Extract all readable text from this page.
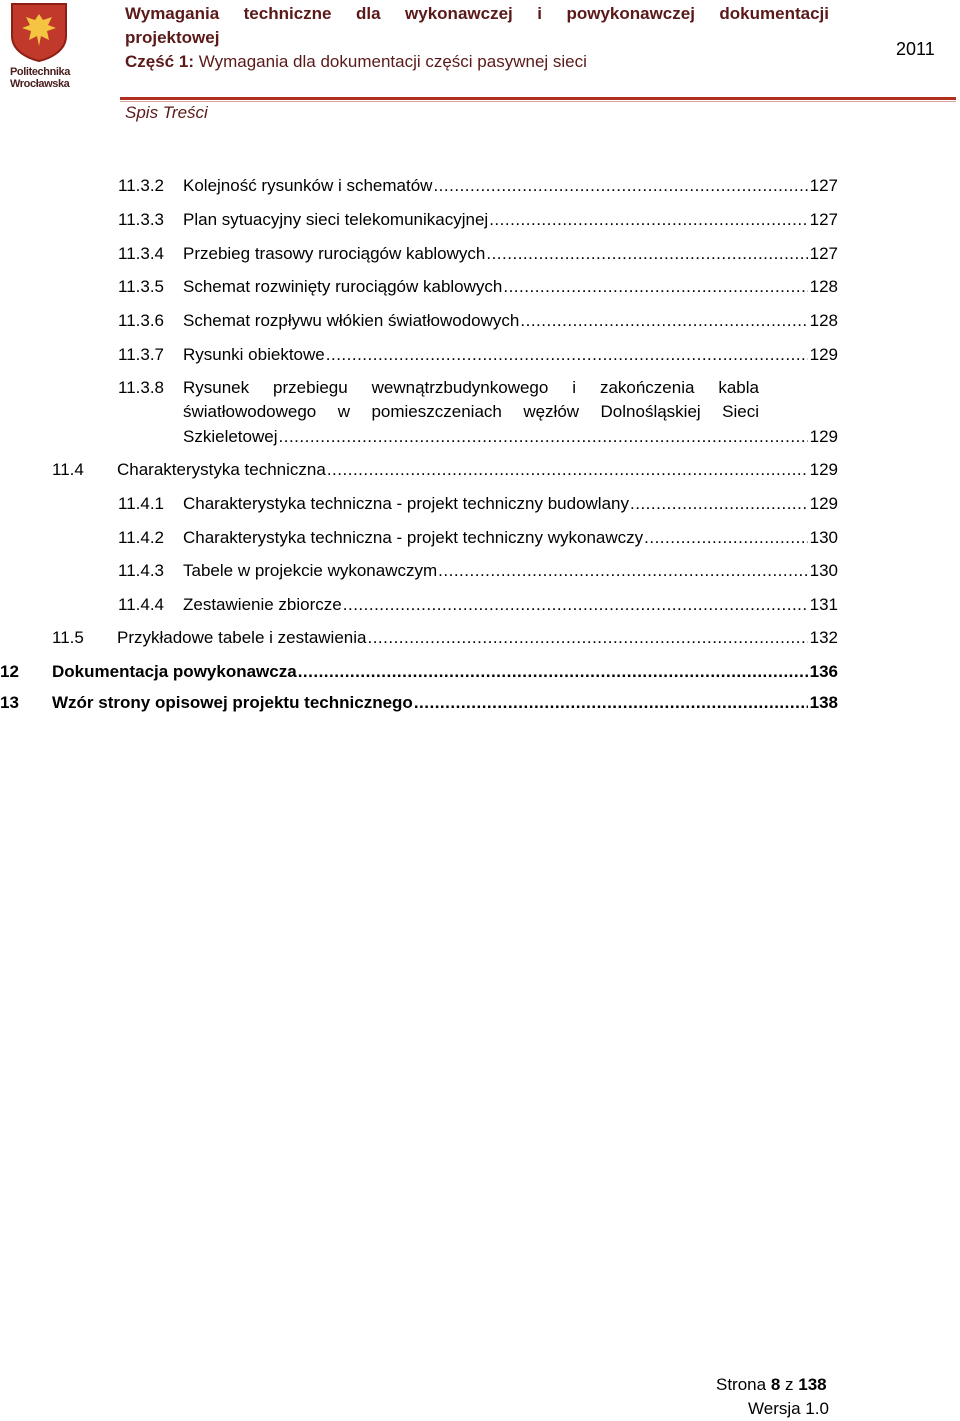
Politechnika
Wrocławska
Wymagania techniczne dla wykonawczej i powykonawczej dokumentacji
projektowej
Część 1: Wymagania dla dokumentacji części pasywnej sieci
2011
Spis Treści
11.3.2	Kolejność rysunków i schematów .....	127
11.3.3	Plan sytuacyjny sieci telekomunikacyjnej .....	127
11.3.4	Przebieg trasowy rurociągów kablowych .....	127
11.3.5	Schemat rozwinięty rurociągów kablowych .....	128
11.3.6	Schemat rozpływu włókien światłowodowych .....	128
11.3.7	Rysunki obiektowe .....	129
11.3.8 Rysunek przebiegu wewnątrzbudynkowego i zakończenia kabla
światłowodowego w pomieszczeniach węzłów Dolnośląskiej Sieci
Szkieletowej .....	129
11.4	Charakterystyka techniczna .....	129
11.4.1	Charakterystyka techniczna - projekt techniczny budowlany .....	129
11.4.2	Charakterystyka techniczna - projekt techniczny wykonawczy .....	130
11.4.3	Tabele w projekcie wykonawczym .....	130
11.4.4	Zestawienie zbiorcze .....	131
11.5	Przykładowe tabele i zestawienia .....	132
12	Dokumentacja powykonawcza .....	136
13	Wzór strony opisowej projektu technicznego .....	138
Strona 8 z 138
Wersja 1.0
